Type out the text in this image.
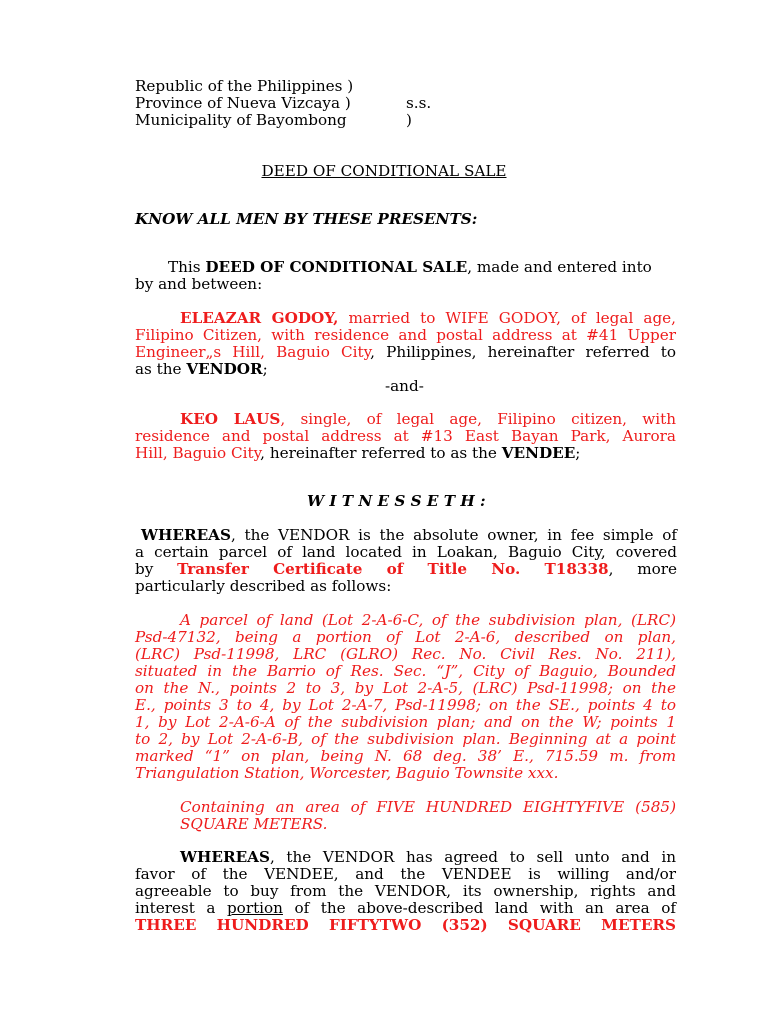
Republic of the Philippines )
Province of Nueva Vizcaya )	s.s.
Municipality of Bayombong	)
DEED OF CONDITIONAL SALE
KNOW ALL MEN BY THESE PRESENTS:
This DEED OF CONDITIONAL SALE, made and entered into
by and between:
ELEAZAR GODOY, married to WIFE GODOY, of legal age,
Filipino Citizen, with residence and postal address at #41 Upper
Engineer„s Hill, Baguio City, Philippines, hereinafter referred to
as the VENDOR;
-and-
KEO LAUS, single, of legal age, Filipino citizen, with
residence and postal address at #13 East Bayan Park, Aurora
Hill, Baguio City, hereinafter referred to as the VENDEE;
W I T N E S S E T H :
WHEREAS, the VENDOR is the absolute owner, in fee simple of
a certain parcel of land located in Loakan, Baguio City, covered
by Transfer Certificate of Title No. T18338, more
particularly described as follows:
A parcel of land (Lot 2-A-6-C, of the subdivision plan, (LRC)
Psd-47132, being a portion of Lot 2-A-6, described on plan,
(LRC) Psd-11998, LRC (GLRO) Rec. No. Civil Res. No. 211),
situated in the Barrio of Res. Sec. “J”, City of Baguio, Bounded
on the N., points 2 to 3, by Lot 2-A-5, (LRC) Psd-11998; on the
E., points 3 to 4, by Lot 2-A-7, Psd-11998; on the SE., points 4 to
1, by Lot 2-A-6-A of the subdivision plan; and on the W; points 1
to 2, by Lot 2-A-6-B, of the subdivision plan. Beginning at a point
marked “1” on plan, being N. 68 deg. 38’ E., 715.59 m. from
Triangulation Station, Worcester, Baguio Townsite xxx.
Containing an area of FIVE HUNDRED EIGHTYFIVE (585)
SQUARE METERS.
WHEREAS, the VENDOR has agreed to sell unto and in
favor of the VENDEE, and the VENDEE is willing and/or
agreeable to buy from the VENDOR, its ownership, rights and
interest a portion of the above-described land with an area of
THREE HUNDRED FIFTYTWO (352) SQUARE METERS
